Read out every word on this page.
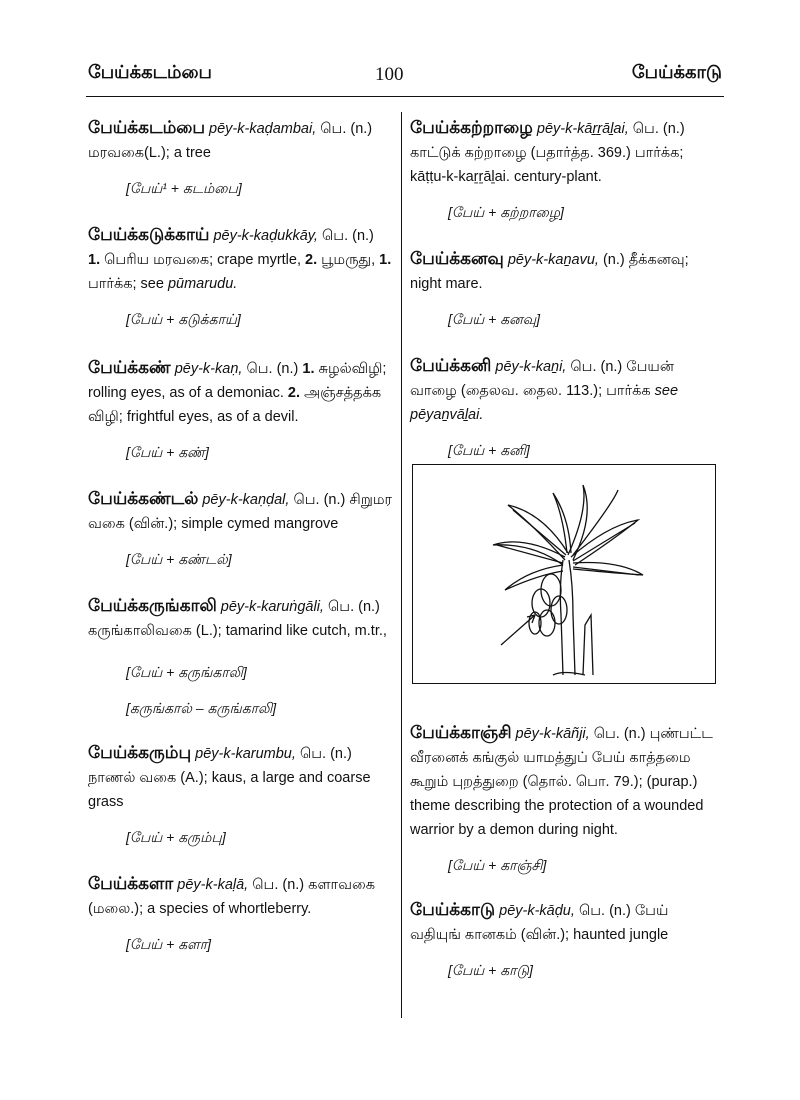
பேய்க்கடம்பை	100	பேய்க்காடு
பேய்க்கடம்பை pēy-k-kaḍambai, பெ. (n.) மரவகை(L.); a tree
[பேய்¹ + கடம்பை]
பேய்க்கடுக்காய் pēy-k-kaḍukkāy, பெ. (n.)
1. பெரிய மரவகை; crape myrtle, 2. பூமருது, 1. பார்க்க; see pūmarudu.
[பேய் + கடுக்காய்]
பேய்க்கண் pēy-k-kaṇ, பெ. (n.) 1. சுழல்விழி; rolling eyes, as of a demoniac. 2. அஞ்சத்தக்க விழி; frightful eyes, as of a devil.
[பேய் + கண்]
பேய்க்கண்டல் pēy-k-kaṇḍal, பெ. (n.) சிறுமர வகை (வின்.); simple cymed mangrove
[பேய் + கண்டல்]
பேய்க்கருங்காலி pēy-k-karuṅgāli, பெ. (n.) கருங்காலிவகை (L.); tamarind like cutch, m.tr.,
[பேய் + கருங்காலி]
[கருங்கால் – கருங்காலி]
பேய்க்கரும்பு pēy-k-karumbu, பெ. (n.) நாணல் வகை (A.); kaus, a large and coarse grass
[பேய் + கரும்பு]
பேய்க்களா pēy-k-kaḷā, பெ. (n.) களாவகை (மலை.); a species of whortleberry.
[பேய் + களா]
பேய்க்கற்றாழை pēy-k-kāṟṟāḻai, பெ. (n.) காட்டுக் கற்றாழை (பதார்த்த. 369.) பார்க்க; kāṭṭu-k-kaṟṟāḻai. century-plant.
[பேய் + கற்றாழை]
பேய்க்கனவு pēy-k-kaṉavu, (n.) தீக்கனவு; night mare.
[பேய் + கனவு]
பேய்க்கனி pēy-k-kaṉi, பெ. (n.) பேயன் வாழை (தைலவ. தைல. 113.); பார்க்க see pēyaṉvāḻai.
[பேய் + கனி]
பேய்க்காஞ்சி pēy-k-kāñji, பெ. (n.) புண்பட்ட வீரனைக் கங்குல் யாமத்துப் பேய் காத்தமை கூறும் புறத்துறை (தொல். பொ. 79.); (purap.) theme describing the protection of a wounded warrior by a demon during night.
[பேய் + காஞ்சி]
பேய்க்காடு pēy-k-kāḍu, பெ. (n.) பேய் வதியுங் கானகம் (வின்.); haunted jungle
[பேய் + காடு]
